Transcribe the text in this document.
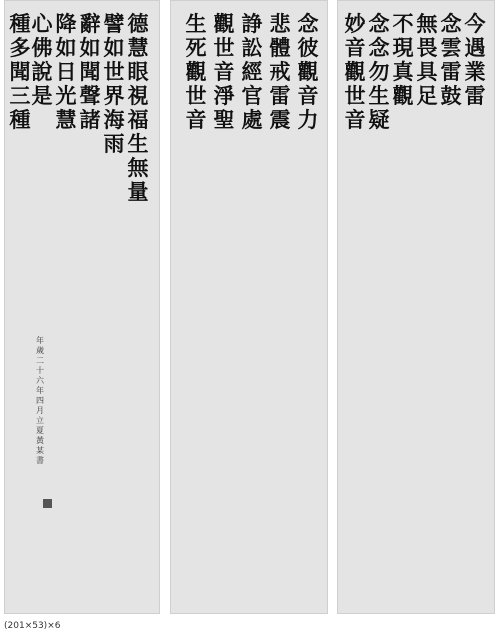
德
慧
眼
視
福
生
無
量
譬
如
世
界
海
雨
辭
如
聞
聲
諸
降
如
日
光
慧
心
佛
說
是
種
多
聞
三
種
年
歲
二
十
六
年
四
月
立
夏
黃
某
書
念
彼
觀
音
力
悲
體
戒
雷
震
諍
訟
經
官
處
觀
世
音
淨
聖
生
死
觀
世
音
今
遇
業
雷
念
雲
雷
鼓
無
畏
具
足
不
現
真
觀
念
念
勿
生
疑
妙
音
觀
世
音
(201×53)×6
